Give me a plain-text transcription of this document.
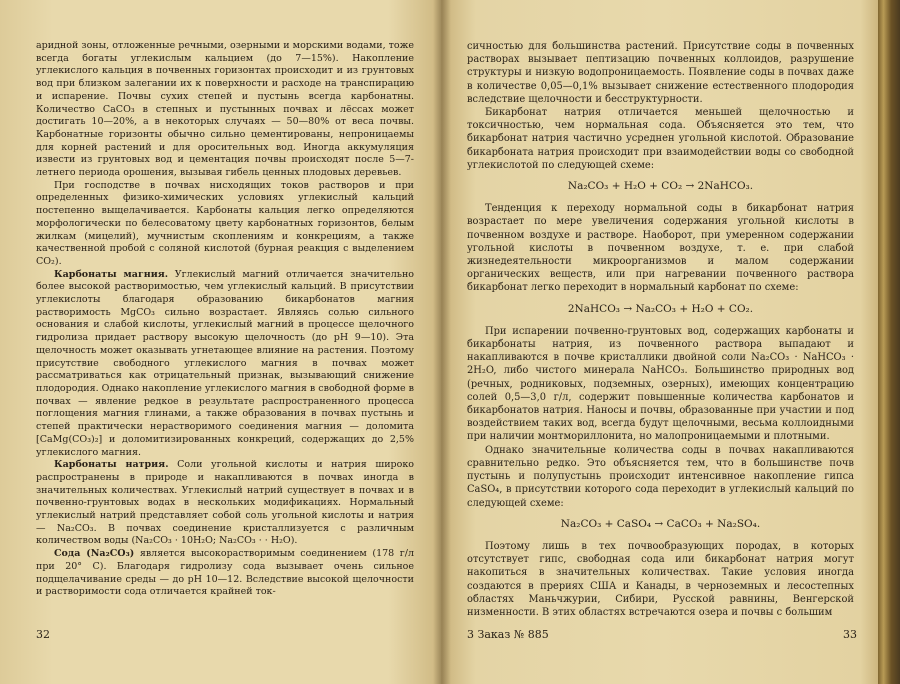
аридной зоны, отложенные речными, озерными и морскими водами, тоже всегда богаты углекислым кальцием (до 7—15%). Накопление углекислого кальция в почвенных горизонтах происходит и из грунтовых вод при близком залегании их к поверхности и расходе на транспирацию и испарение. Почвы сухих степей и пустынь всегда карбонатны. Количество CaCO₃ в степных и пустынных почвах и лёссах может достигать 10—20%, а в некоторых случаях — 50—80% от веса почвы. Карбонатные горизонты обычно сильно цементированы, непроницаемы для корней растений и для оросительных вод. Иногда аккумуляция извести из грунтовых вод и цементация почвы происходят после 5—7-летнего периода орошения, вызывая гибель ценных плодовых деревьев.

При господстве в почвах нисходящих токов растворов и при определенных физико-химических условиях углекислый кальций постепенно выщелачивается. Карбонаты кальция легко определяются морфологически по белесоватому цвету карбонатных горизонтов, белым жилкам (мицелий), мучнистым скоплениям и конкрециям, а также качественной пробой с соляной кислотой (бурная реакция с выделением CO₂).

Карбонаты магния. Углекислый магний отличается значительно более высокой растворимостью, чем углекислый кальций. В присутствии углекислоты благодаря образованию бикарбонатов магния растворимость MgCO₃ сильно возрастает. Являясь солью сильного основания и слабой кислоты, углекислый магний в процессе щелочного гидролиза придает раствору высокую щелочность (до pH 9—10). Эта щелочность может оказывать угнетающее влияние на растения. Поэтому присутствие свободного углекислого магния в почвах может рассматриваться как отрицательный признак, вызывающий снижение плодородия. Однако накопление углекислого магния в свободной форме в почвах — явление редкое в результате распространенного процесса поглощения магния глинами, а также образования в почвах пустынь и степей практически нерастворимого соединения магния — доломита [CaMg(CO₃)₂] и доломитизированных конкреций, содержащих до 2,5% углекислого магния.

Карбонаты натрия. Соли угольной кислоты и натрия широко распространены в природе и накапливаются в почвах иногда в значительных количествах. Углекислый натрий существует в почвах и в почвенно-грунтовых водах в нескольких модификациях. Нормальный углекислый натрий представляет собой соль угольной кислоты и натрия — Na₂CO₃. В почвах соединение кристаллизуется с различным количеством воды (Na₂CO₃ · 10H₂O; Na₂CO₃ · · H₂O).

Сода (Na₂CO₃) является высокорастворимым соединением (178 г/л при 20° С). Благодаря гидролизу сода вызывает очень сильное подщелачивание среды — до pH 10—12. Вследствие высокой щелочности и растворимости сода отличается крайней ток-

32

сичностью для большинства растений. Присутствие соды в почвенных растворах вызывает пептизацию почвенных коллоидов, разрушение структуры и низкую водопроницаемость. Появление соды в почвах даже в количестве 0,05—0,1% вызывает снижение естественного плодородия вследствие щелочности и бесструктурности.

Бикарбонат натрия отличается меньшей щелочностью и токсичностью, чем нормальная сода. Объясняется это тем, что бикарбонат натрия частично усреднен угольной кислотой. Образование бикарбоната натрия происходит при взаимодействии воды со свободной углекислотой по следующей схеме:

Na₂CO₃ + H₂O + CO₂ → 2NaHCO₃.

Тенденция к переходу нормальной соды в бикарбонат натрия возрастает по мере увеличения содержания угольной кислоты в почвенном воздухе и растворе. Наоборот, при умеренном содержании угольной кислоты в почвенном воздухе, т. е. при слабой жизнедеятельности микроорганизмов и малом содержании органических веществ, или при нагревании почвенного раствора бикарбонат легко переходит в нормальный карбонат по схеме:

2NaHCO₃ → Na₂CO₃ + H₂O + CO₂.

При испарении почвенно-грунтовых вод, содержащих карбонаты и бикарбонаты натрия, из почвенного раствора выпадают и накапливаются в почве кристаллики двойной соли Na₂CO₃ · NaHCO₃ · 2H₂O, либо чистого минерала NaHCO₃. Большинство природных вод (речных, родниковых, подземных, озерных), имеющих концентрацию солей 0,5—3,0 г/л, содержит повышенные количества карбонатов и бикарбонатов натрия. Наносы и почвы, образованные при участии и под воздействием таких вод, всегда будут щелочными, весьма коллоидными при наличии монтмориллонита, но малопроницаемыми и плотными.

Однако значительные количества соды в почвах накапливаются сравнительно редко. Это объясняется тем, что в большинстве почв пустынь и полупустынь происходит интенсивное накопление гипса CaSO₄, в присутствии которого сода переходит в углекислый кальций по следующей схеме:

Na₂CO₃ + CaSO₄ → CaCO₃ + Na₂SO₄.

Поэтому лишь в тех почвообразующих породах, в которых отсутствует гипс, свободная сода или бикарбонат натрия могут накопиться в значительных количествах. Такие условия иногда создаются в прериях США и Канады, в черноземных и лесостепных областях Маньчжурии, Сибири, Русской равнины, Венгерской низменности. В этих областях встречаются озера и почвы с большим

3 Заказ № 885	33
